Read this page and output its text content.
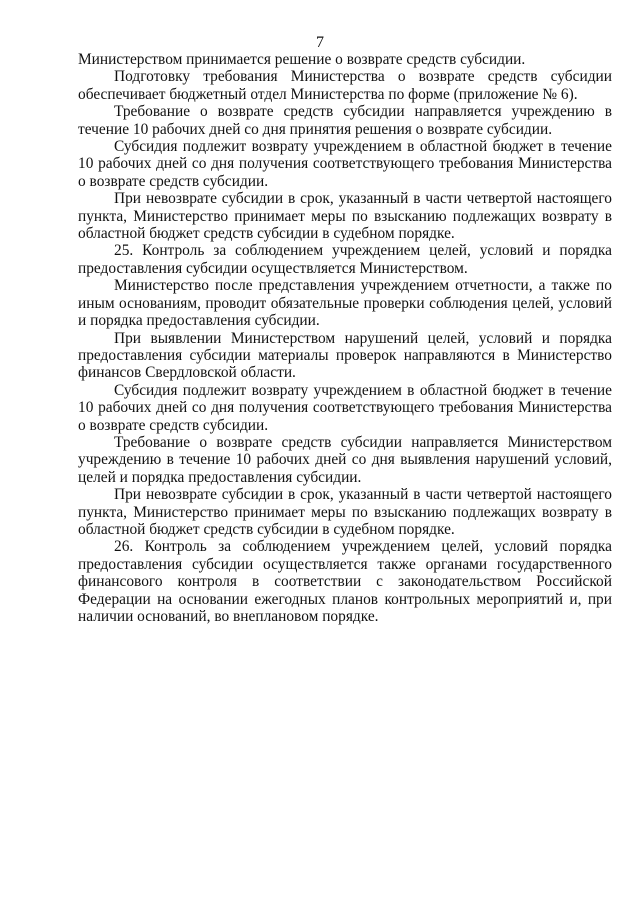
7

Министерством принимается решение о возврате средств субсидии.

Подготовку требования Министерства о возврате средств субсидии обеспечивает бюджетный отдел Министерства по форме (приложение № 6).

Требование о возврате средств субсидии направляется учреждению в течение 10 рабочих дней со дня принятия решения о возврате субсидии.

Субсидия подлежит возврату учреждением в областной бюджет в течение 10 рабочих дней со дня получения соответствующего требования Министерства о возврате средств субсидии.

При невозврате субсидии в срок, указанный в части четвертой настоящего пункта, Министерство принимает меры по взысканию подлежащих возврату в областной бюджет средств субсидии в судебном порядке.

25. Контроль за соблюдением учреждением целей, условий и порядка предоставления субсидии осуществляется Министерством.

Министерство после представления учреждением отчетности, а также по иным основаниям, проводит обязательные проверки соблюдения целей, условий и порядка предоставления субсидии.

При выявлении Министерством нарушений целей, условий и порядка предоставления субсидии материалы проверок направляются в Министерство финансов Свердловской области.

Субсидия подлежит возврату учреждением в областной бюджет в течение 10 рабочих дней со дня получения соответствующего требования Министерства о возврате средств субсидии.

Требование о возврате средств субсидии направляется Министерством учреждению в течение 10 рабочих дней со дня выявления нарушений условий, целей и порядка предоставления субсидии.

При невозврате субсидии в срок, указанный в части четвертой настоящего пункта, Министерство принимает меры по взысканию подлежащих возврату в областной бюджет средств субсидии в судебном порядке.

26. Контроль за соблюдением учреждением целей, условий порядка предоставления субсидии осуществляется также органами государственного финансового контроля в соответствии с законодательством Российской Федерации на основании ежегодных планов контрольных мероприятий и, при наличии оснований, во внеплановом порядке.
